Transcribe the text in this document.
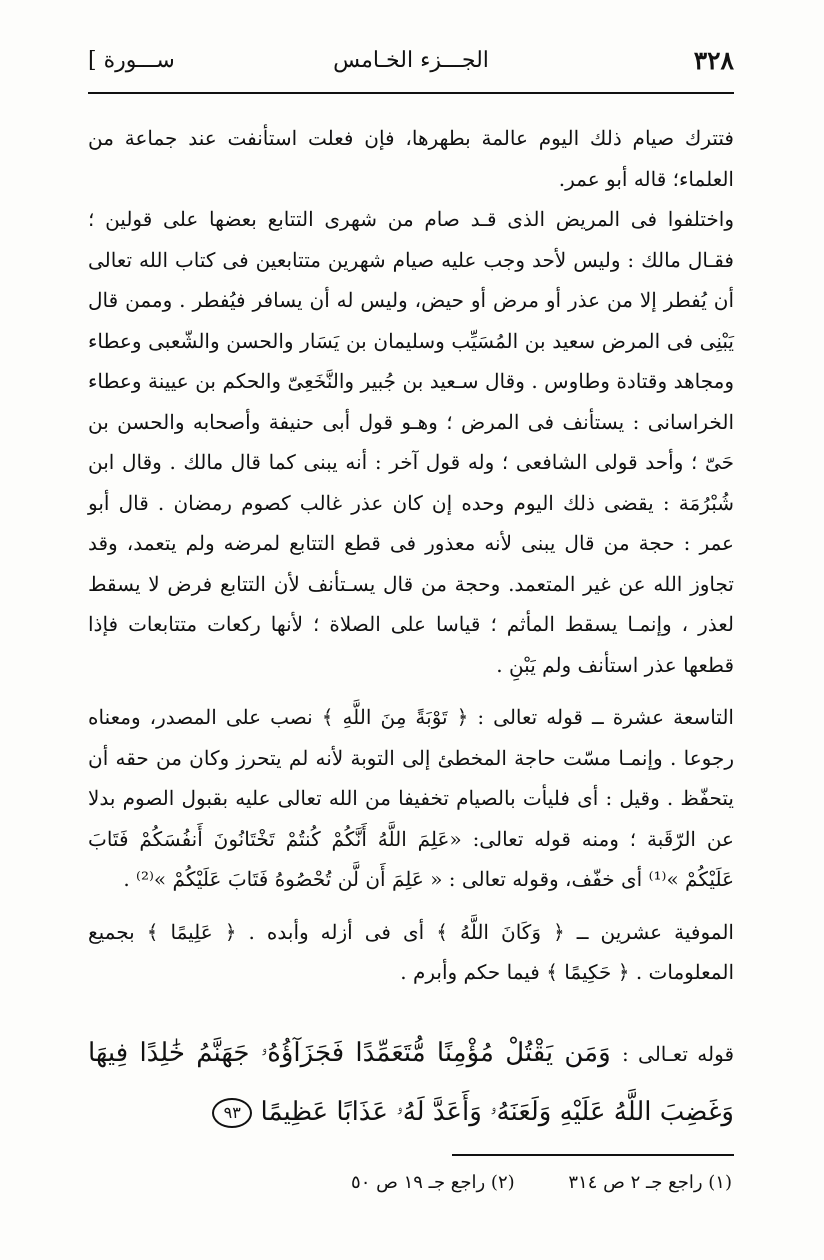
٣٢٨
الجـــزء الخـامس
[ ســـورة

فتترك صيام ذلك اليوم عالمة بطهرها، فإن فعلت استأنفت عند جماعة من العلماء؛ قاله أبو عمر.

واختلفوا فى المريض الذى قـد صام من شهرى التتابع بعضها على قولين ؛ فقـال مالك : وليس لأحد وجب عليه صيام شهرين متتابعين فى كتاب الله تعالى أن يُفطر إلا من عذر أو مرض أو حيض، وليس له أن يسافر فيُفطر . وممن قال يَبْنِى فى المرض سعيد بن المُسَيِّب وسليمان بن يَسَار والحسن والشّعبى وعطاء ومجاهد وقتادة وطاوس . وقال سـعيد بن جُبير والنَّخَعِىّ والحكم بن عيينة وعطاء الخراسانى : يستأنف فى المرض ؛ وهـو قول أبى حنيفة وأصحابه والحسن بن حَىّ ؛ وأحد قولى الشافعى ؛ وله قول آخر : أنه يبنى كما قال مالك . وقال ابن شُبْرُمَة : يقضى ذلك اليوم وحده إن كان عذر غالب كصوم رمضان . قال أبو عمر : حجة من قال يبنى لأنه معذور فى قطع التتابع لمرضه ولم يتعمد، وقد تجاوز الله عن غير المتعمد. وحجة من قال يسـتأنف لأن التتابع فرض لا يسقط لعذر ، وإنمـا يسقط المأثم ؛ قياسا على الصلاة ؛ لأنها ركعات متتابعات فإذا قطعها عذر استأنف ولم يَبْنِ .

التاسعة عشرة ــ قوله تعالى : ﴿ تَوْبَةً مِنَ اللَّهِ ﴾ نصب على المصدر، ومعناه رجوعا . وإنمـا مسّت حاجة المخطئ إلى التوبة لأنه لم يتحرز وكان من حقه أن يتحفّظ . وقيل : أى فليأت بالصيام تخفيفا من الله تعالى عليه بقبول الصوم بدلا عن الرّقَبة ؛ ومنه قوله تعالى: «عَلِمَ اللَّهُ أَنَّكُمْ كُنتُمْ تَخْتَانُونَ أَنفُسَكُمْ فَتَابَ عَلَيْكُمْ »⁽¹⁾ أى خفّف، وقوله تعالى : « عَلِمَ أَن لَّن تُحْصُوهُ فَتَابَ عَلَيْكُمْ »⁽²⁾ .

الموفية عشرين ــ ﴿ وَكَانَ اللَّهُ ﴾ أى فى أزله وأبده . ﴿ عَلِيمًا ﴾ بجميع المعلومات . ﴿ حَكِيمًا ﴾ فيما حكم وأبرم .

قوله تعـالى : وَمَن يَقْتُلْ مُؤْمِنًا مُّتَعَمِّدًا فَجَزَآؤُهُۥ جَهَنَّمُ خَٰلِدًا فِيهَا وَغَضِبَ اللَّهُ عَلَيْهِ وَلَعَنَهُۥ وَأَعَدَّ لَهُۥ عَذَابًا عَظِيمًا ٩٣
(١) راجع جـ ٢ ص ٣١٤ (٢) راجع جـ ١٩ ص ٥٠
